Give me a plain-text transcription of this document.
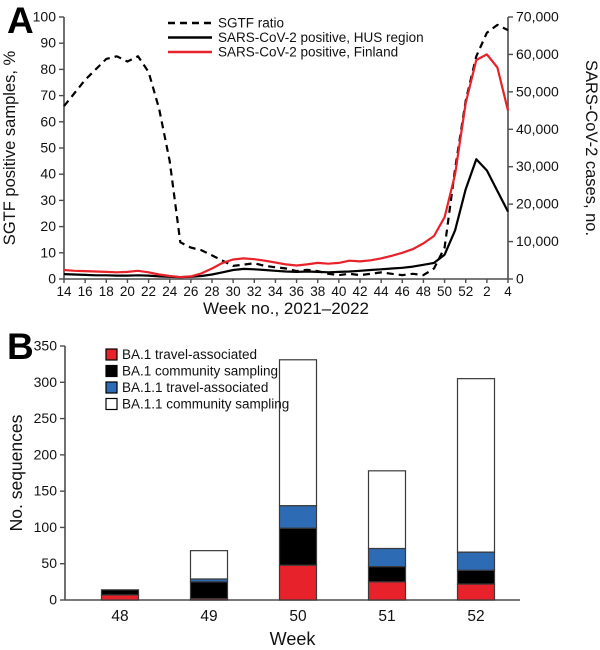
A
B
0
10
20
30
40
50
60
70
80
90
100
0
10,000
20,000
30,000
40,000
50,000
60,000
70,000
14 16 18 20 22 24 26 28 30 32 34 36 38 40 42 44 46 48 50 52 2 4
SGTF positive samples, %	SARS-CoV-2 cases, no.
Week no., 2021–2022
SGTF ratio
SARS-CoV-2 positive, HUS region
SARS-CoV-2 positive, Finland
0
50
100
150
200
250
300
350
48	49	50	51	52
Week
No. sequences
BA.1 travel-associated
BA.1 community sampling
BA.1.1 travel-associated
BA.1.1 community sampling
